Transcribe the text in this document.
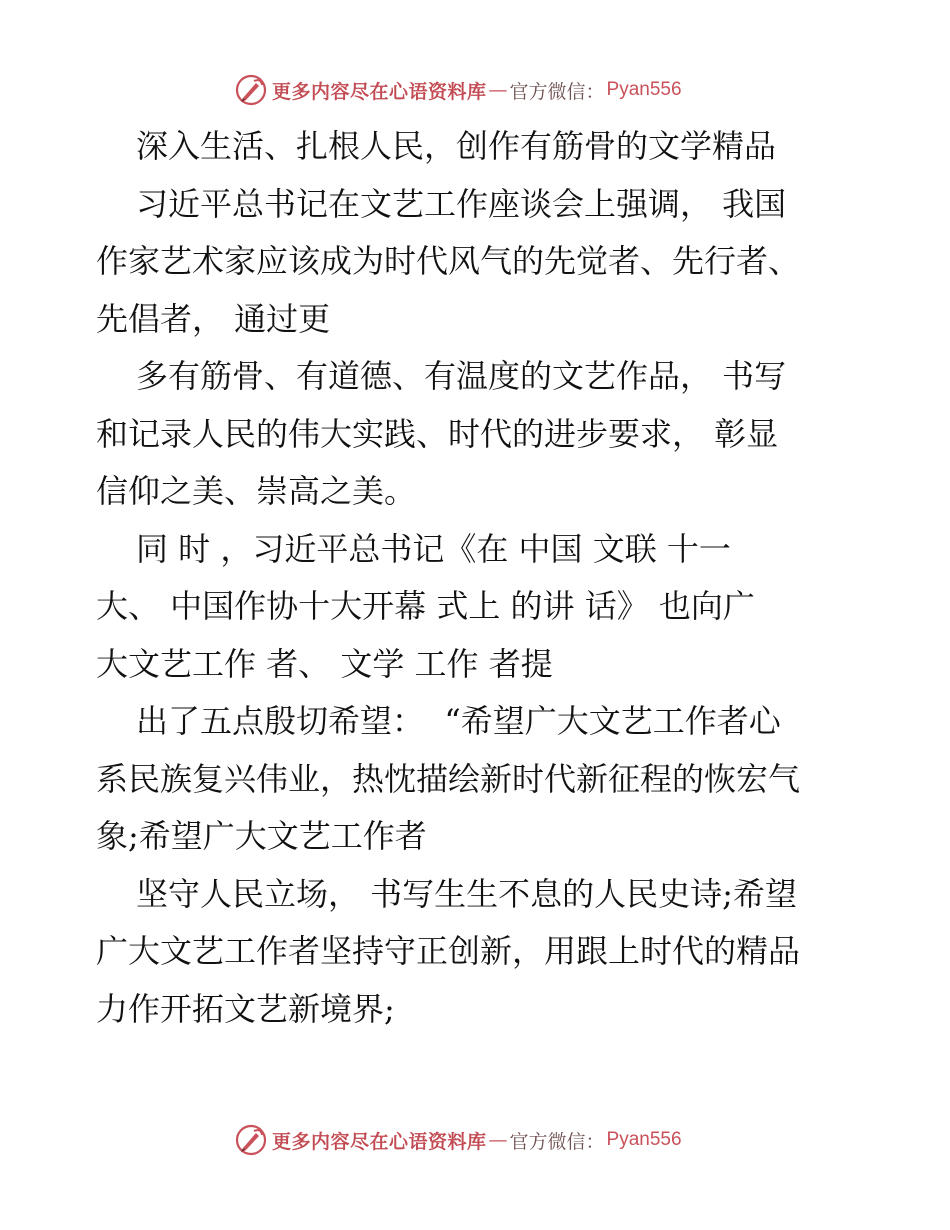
更多内容尽在心语资料库 — 官方微信： Pyan556
深入生活、扎根人民，创作有筋骨的文学精品
习近平总书记在文艺工作座谈会上强调， 我国
作家艺术家应该成为时代风气的先觉者、先行者、
先倡者， 通过更
多有筋骨、有道德、有温度的文艺作品， 书写
和记录人民的伟大实践、时代的进步要求， 彰显
信仰之美、崇高之美。
同 时 ，习近平总书记《在 中国 文联 十一
大、 中国作协十大开幕 式上 的讲 话》 也向广
大文艺工作 者、 文学 工作 者提
出了五点殷切希望：  “希望广大文艺工作者心
系民族复兴伟业，热忱描绘新时代新征程的恢宏气
象;希望广大文艺工作者
坚守人民立场， 书写生生不息的人民史诗;希望
广大文艺工作者坚持守正创新，用跟上时代的精品
力作开拓文艺新境界;
更多内容尽在心语资料库 — 官方微信： Pyan556
